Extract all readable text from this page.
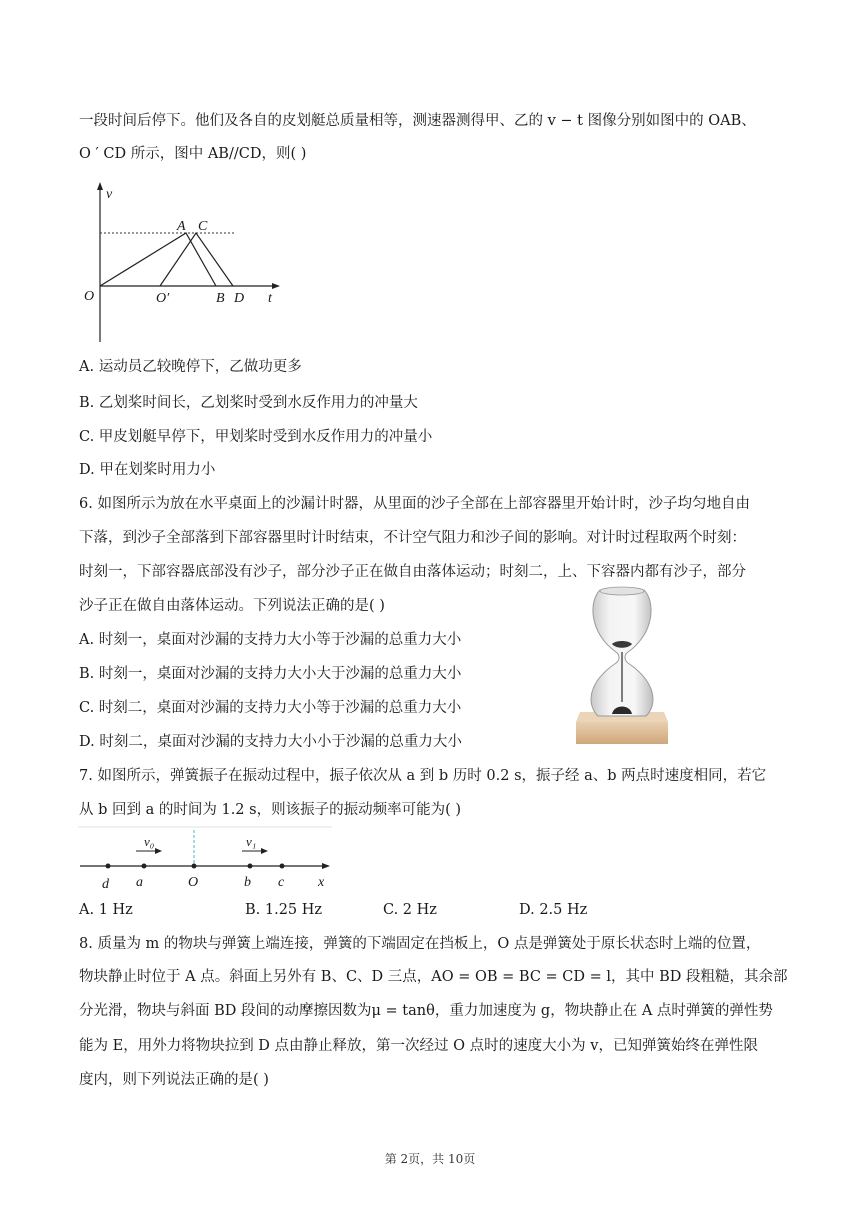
一段时间后停下。他们及各自的皮划艇总质量相等，测速器测得甲、乙的 v − t 图像分别如图中的 OAB、
O ′ CD 所示，图中 AB//CD，则( )
v
t
O	O′
A C
B D
A. 运动员乙较晚停下，乙做功更多
B. 乙划桨时间长，乙划桨时受到水反作用力的冲量大
C. 甲皮划艇早停下，甲划桨时受到水反作用力的冲量小
D. 甲在划桨时用力小
6. 如图所示为放在水平桌面上的沙漏计时器，从里面的沙子全部在上部容器里开始计时，沙子均匀地自由
下落，到沙子全部落到下部容器里时计时结束，不计空气阻力和沙子间的影响。对计时过程取两个时刻：
时刻一，下部容器底部没有沙子，部分沙子正在做自由落体运动；时刻二，上、下容器内都有沙子，部分
沙子正在做自由落体运动。下列说法正确的是( )
A. 时刻一，桌面对沙漏的支持力大小等于沙漏的总重力大小
B. 时刻一，桌面对沙漏的支持力大小大于沙漏的总重力大小
C. 时刻二，桌面对沙漏的支持力大小等于沙漏的总重力大小
D. 时刻二，桌面对沙漏的支持力大小小于沙漏的总重力大小
7. 如图所示，弹簧振子在振动过程中，振子依次从 a 到 b 历时 0.2 s，振子经 a、b 两点时速度相同，若它
从 b 回到 a 的时间为 1.2 s，则该振子的振动频率可能为( )
v₀	v₁
d a	O	b c x
A. 1 Hz	B. 1.25 Hz	C. 2 Hz	D. 2.5 Hz
8. 质量为 m 的物块与弹簧上端连接，弹簧的下端固定在挡板上，O 点是弹簧处于原长状态时上端的位置，
物块静止时位于 A 点。斜面上另外有 B、C、D 三点，AO = OB = BC = CD = l，其中 BD 段粗糙，其余部
分光滑，物块与斜面 BD 段间的动摩擦因数为μ = tanθ，重力加速度为 g，物块静止在 A 点时弹簧的弹性势
能为 E，用外力将物块拉到 D 点由静止释放，第一次经过 O 点时的速度大小为 v，已知弹簧始终在弹性限
度内，则下列说法正确的是( )
第 2页，共 10页
